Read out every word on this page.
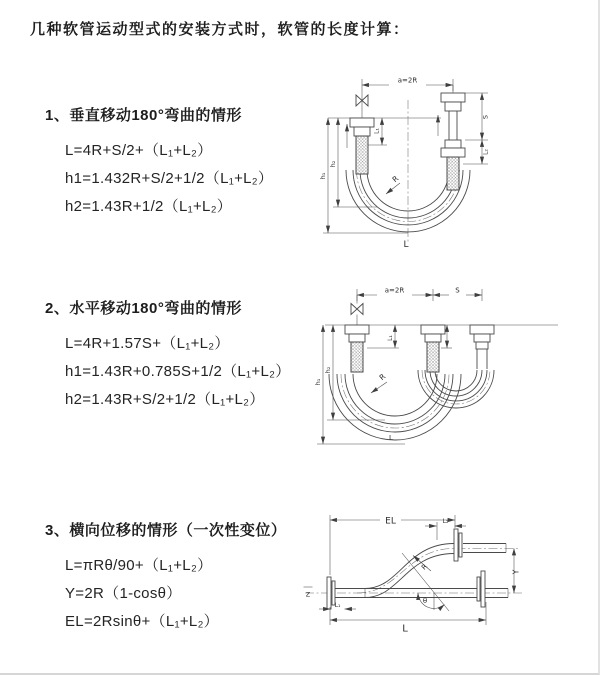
几种软管运动型式的安装方式时，软管的长度计算：
1、垂直移动180°弯曲的情形
L=4R+S/2+（L₁+L₂）
h1=1.432R+S/2+1/2（L₁+L₂）
h2=1.43R+1/2（L₁+L₂）
2、水平移动180°弯曲的情形
L=4R+1.57S+（L₁+L₂）
h1=1.43R+0.785S+1/2（L₁+L₂）
h2=1.43R+S/2+1/2（L₁+L₂）
3、横向位移的情形（一次性变位）
L=πRθ/90+（L₁+L₂）
Y=2R（1-cosθ）
EL=2Rsinθ+（L₁+L₂）
a=2R
h₁
h₂
L₁
S
L₂
R
L
a=2R	S
h₁
h₂
L₁
R
L
EL	L₂
Y
θ
R
L
L₁
Z
